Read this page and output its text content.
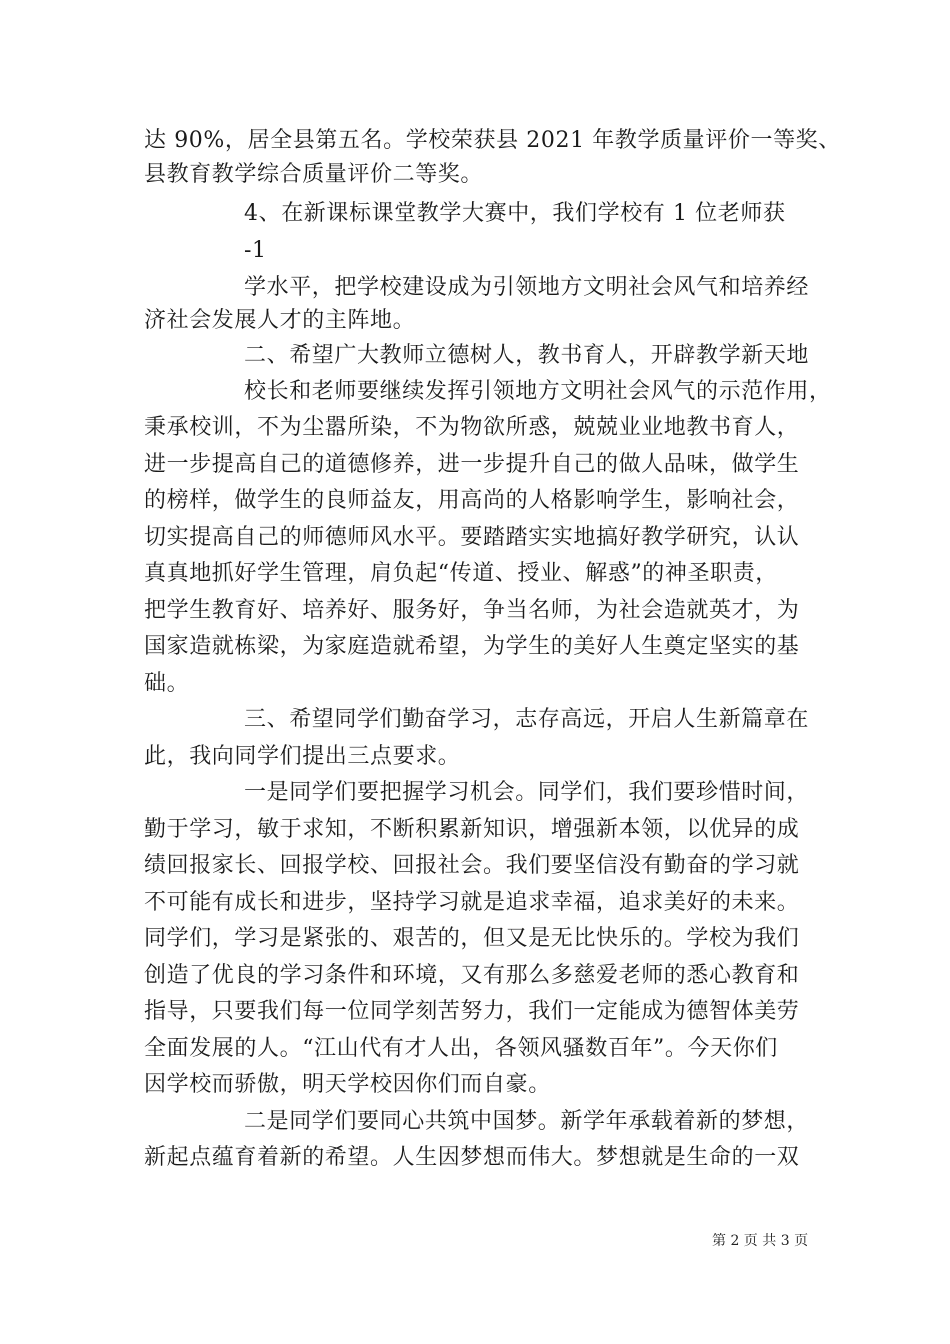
达 90%，居全县第五名。学校荣获县 2021 年教学质量评价一等奖、
县教育教学综合质量评价二等奖。
4、在新课标课堂教学大赛中，我们学校有 1 位老师获
-1
学水平，把学校建设成为引领地方文明社会风气和培养经
济社会发展人才的主阵地。
二、希望广大教师立德树人，教书育人，开辟教学新天地
校长和老师要继续发挥引领地方文明社会风气的示范作用，
秉承校训，不为尘嚣所染，不为物欲所惑，兢兢业业地教书育人，
进一步提高自己的道德修养，进一步提升自己的做人品味，做学生
的榜样，做学生的良师益友，用高尚的人格影响学生，影响社会，
切实提高自己的师德师风水平。要踏踏实实地搞好教学研究，认认
真真地抓好学生管理，肩负起“传道、授业、解惑”的神圣职责，
把学生教育好、培养好、服务好，争当名师，为社会造就英才，为
国家造就栋梁，为家庭造就希望，为学生的美好人生奠定坚实的基
础。
三、希望同学们勤奋学习，志存高远，开启人生新篇章在
此，我向同学们提出三点要求。
一是同学们要把握学习机会。同学们，我们要珍惜时间，
勤于学习，敏于求知，不断积累新知识，增强新本领，以优异的成
绩回报家长、回报学校、回报社会。我们要坚信没有勤奋的学习就
不可能有成长和进步，坚持学习就是追求幸福，追求美好的未来。
同学们，学习是紧张的、艰苦的，但又是无比快乐的。学校为我们
创造了优良的学习条件和环境，又有那么多慈爱老师的悉心教育和
指导，只要我们每一位同学刻苦努力，我们一定能成为德智体美劳
全面发展的人。“江山代有才人出，各领风骚数百年”。今天你们
因学校而骄傲，明天学校因你们而自豪。
二是同学们要同心共筑中国梦。新学年承载着新的梦想，
新起点蕴育着新的希望。人生因梦想而伟大。梦想就是生命的一双
第 2 页 共 3 页
